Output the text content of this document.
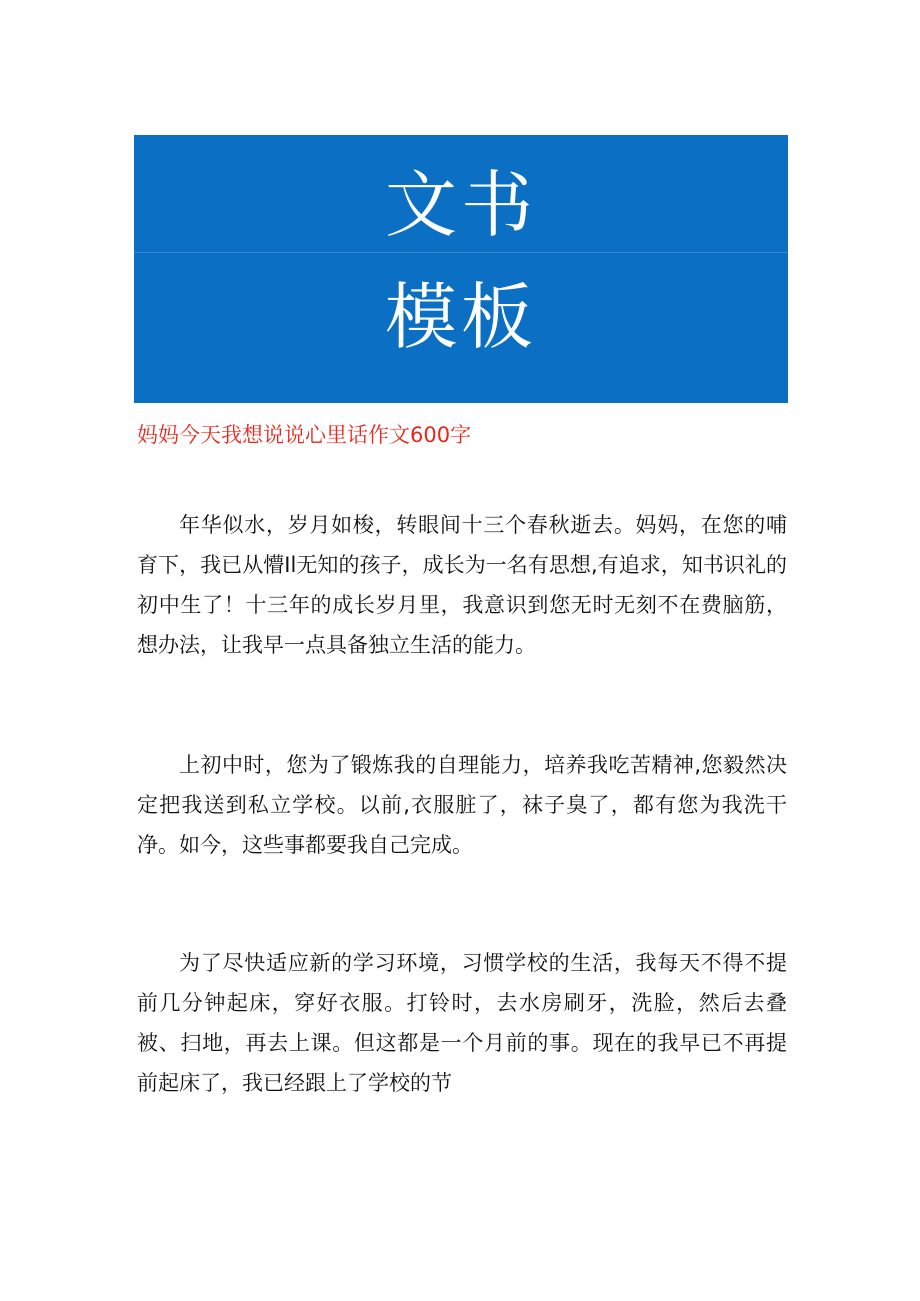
文书
模板
妈妈今天我想说说心里话作文600字

年华似水，岁月如梭，转眼间十三个春秋逝去。妈妈，在您的哺育下，我已从懵Il无知的孩子，成长为一名有思想,有追求，知书识礼的初中生了！十三年的成长岁月里，我意识到您无时无刻不在费脑筋，想办法，让我早一点具备独立生活的能力。

上初中时，您为了锻炼我的自理能力，培养我吃苦精神,您毅然决定把我送到私立学校。以前,衣服脏了，袜子臭了，都有您为我洗干净。如今，这些事都要我自己完成。

为了尽快适应新的学习环境，习惯学校的生活，我每天不得不提前几分钟起床，穿好衣服。打铃时，去水房刷牙，洗脸，然后去叠被、扫地，再去上课。但这都是一个月前的事。现在的我早已不再提前起床了，我已经跟上了学校的节
